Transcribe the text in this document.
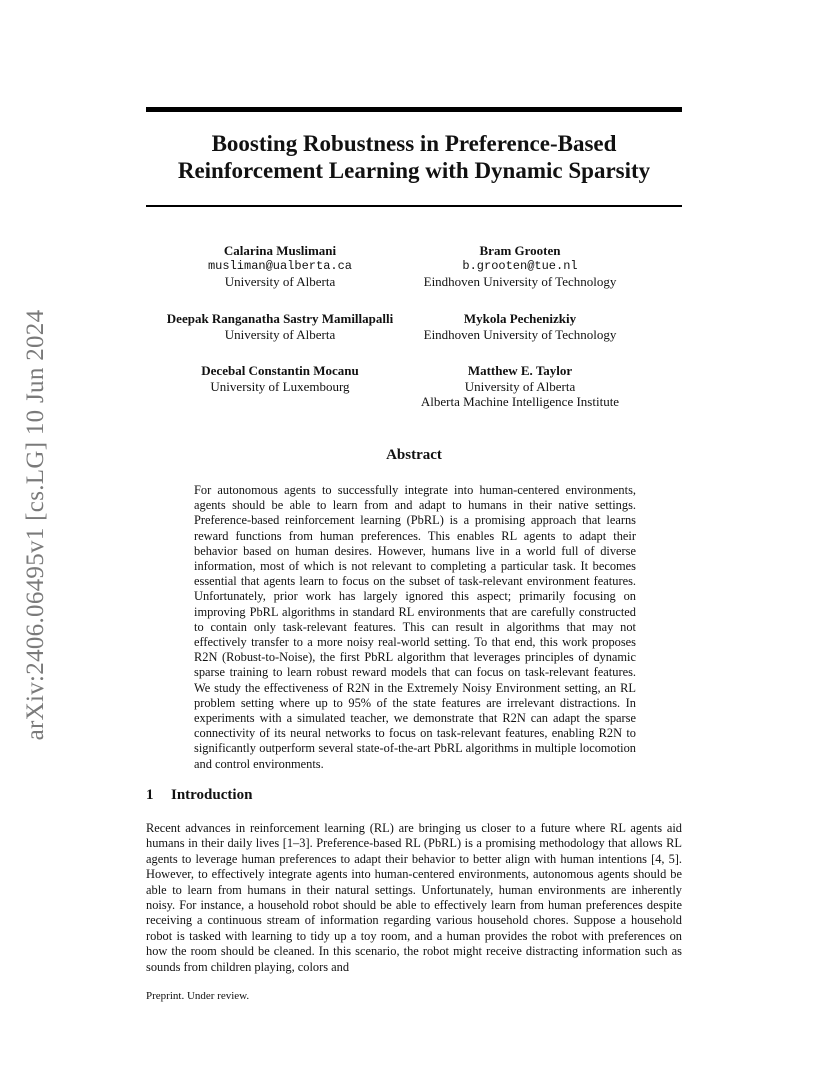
arXiv:2406.06495v1 [cs.LG] 10 Jun 2024
Boosting Robustness in Preference-Based
Reinforcement Learning with Dynamic Sparsity
Calarina Muslimani
musliman@ualberta.ca
University of Alberta
Bram Grooten
b.grooten@tue.nl
Eindhoven University of Technology
Deepak Ranganatha Sastry Mamillapalli
University of Alberta
Mykola Pechenizkiy
Eindhoven University of Technology
Decebal Constantin Mocanu
University of Luxembourg
Matthew E. Taylor
University of Alberta
Alberta Machine Intelligence Institute
Abstract

For autonomous agents to successfully integrate into human-centered environments, agents should be able to learn from and adapt to humans in their native settings. Preference-based reinforcement learning (PbRL) is a promising approach that learns reward functions from human preferences. This enables RL agents to adapt their behavior based on human desires. However, humans live in a world full of diverse information, most of which is not relevant to completing a particular task. It becomes essential that agents learn to focus on the subset of task-relevant environment features. Unfortunately, prior work has largely ignored this aspect; primarily focusing on improving PbRL algorithms in standard RL environments that are carefully constructed to contain only task-relevant features. This can result in algorithms that may not effectively transfer to a more noisy real-world setting. To that end, this work proposes R2N (Robust-to-Noise), the first PbRL algorithm that leverages principles of dynamic sparse training to learn robust reward models that can focus on task-relevant features. We study the effectiveness of R2N in the Extremely Noisy Environment setting, an RL problem setting where up to 95% of the state features are irrelevant distractions. In experiments with a simulated teacher, we demonstrate that R2N can adapt the sparse connectivity of its neural networks to focus on task-relevant features, enabling R2N to significantly outperform several state-of-the-art PbRL algorithms in multiple locomotion and control environments.

1 Introduction

Recent advances in reinforcement learning (RL) are bringing us closer to a future where RL agents aid humans in their daily lives [1–3]. Preference-based RL (PbRL) is a promising methodology that allows RL agents to leverage human preferences to adapt their behavior to better align with human intentions [4, 5]. However, to effectively integrate agents into human-centered environments, autonomous agents should be able to learn from humans in their natural settings. Unfortunately, human environments are inherently noisy. For instance, a household robot should be able to effectively learn from human preferences despite receiving a continuous stream of information regarding various household chores. Suppose a household robot is tasked with learning to tidy up a toy room, and a human provides the robot with preferences on how the room should be cleaned. In this scenario, the robot might receive distracting information such as sounds from children playing, colors and

Preprint. Under review.
